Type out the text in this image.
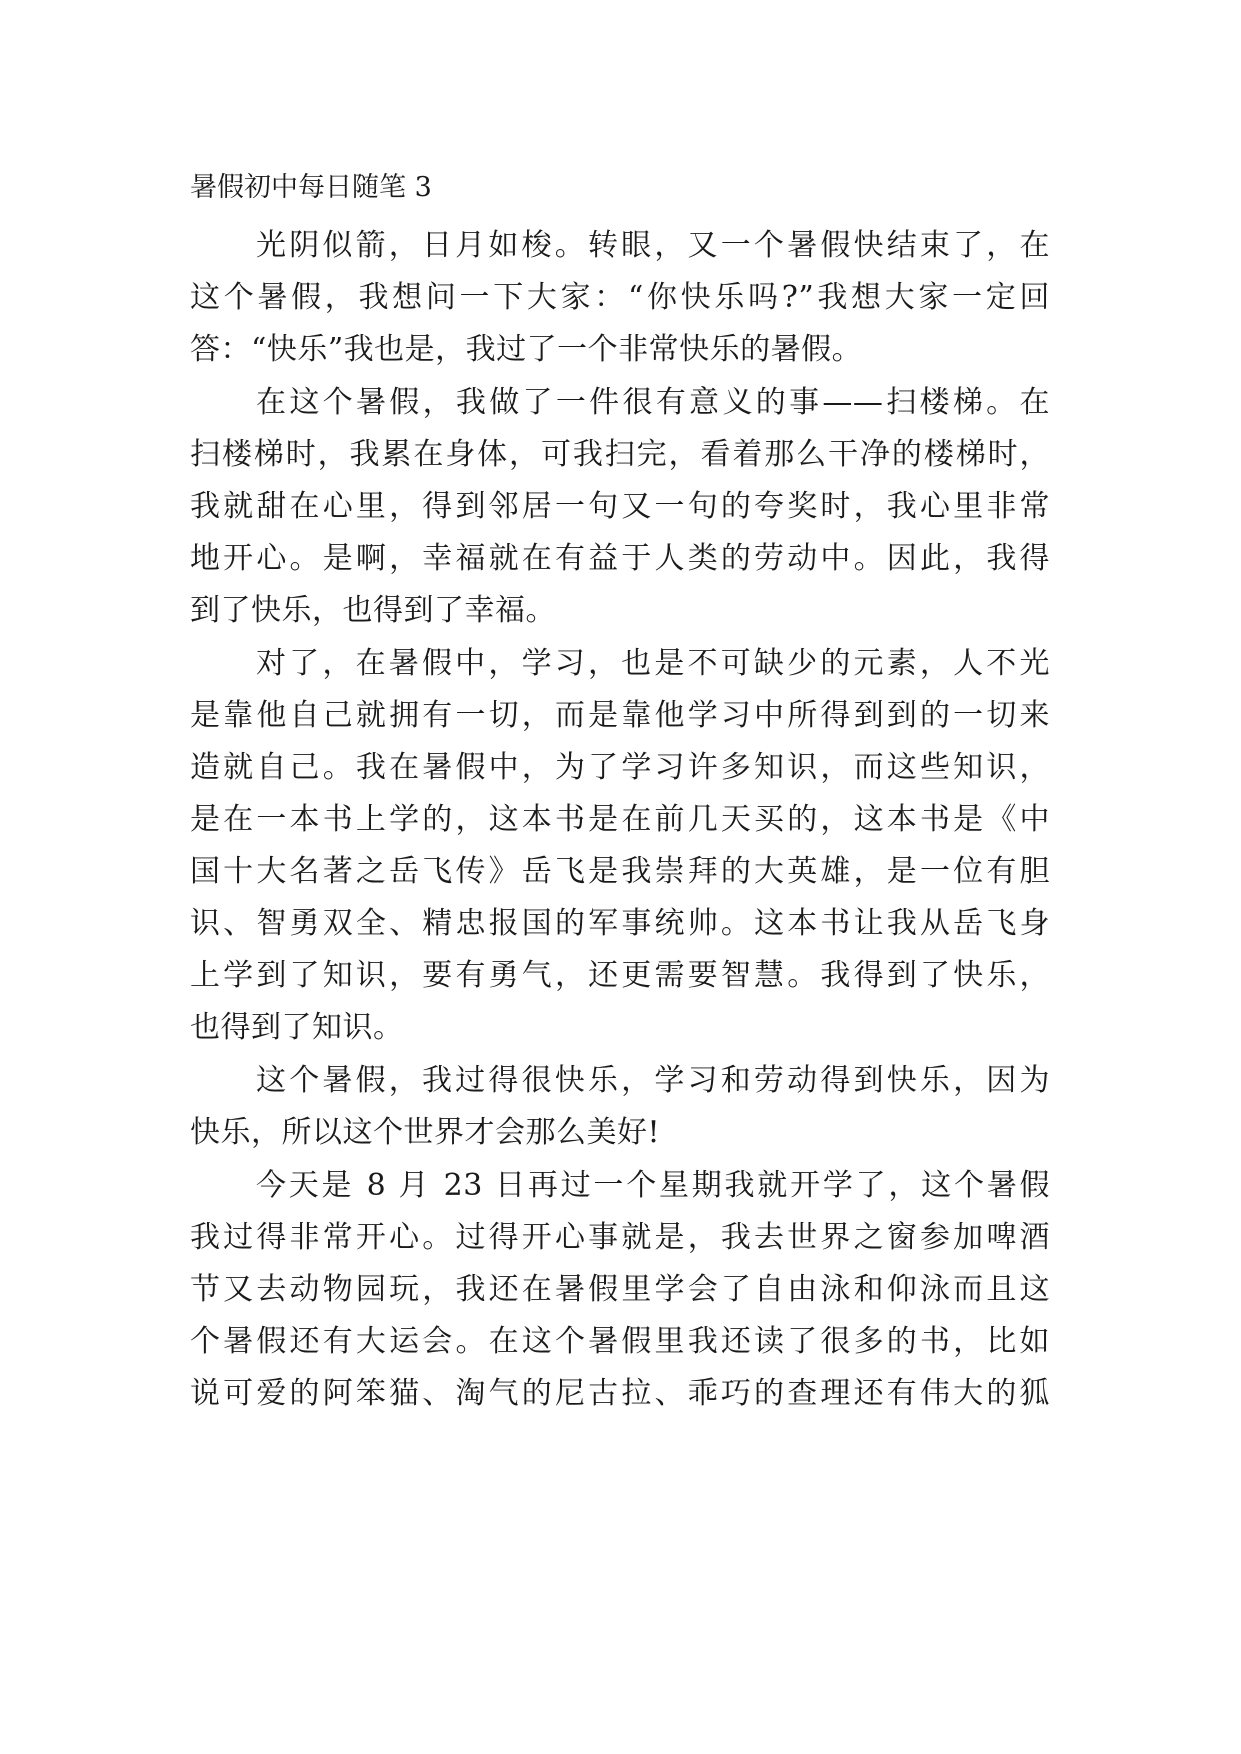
暑假初中每日随笔 3

光阴似箭，日月如梭。转眼，又一个暑假快结束了，在

这个暑假，我想问一下大家：“你快乐吗?”我想大家一定回

答：“快乐”我也是，我过了一个非常快乐的暑假。

在这个暑假，我做了一件很有意义的事——扫楼梯。在

扫楼梯时，我累在身体，可我扫完，看着那么干净的楼梯时，

我就甜在心里，得到邻居一句又一句的夸奖时，我心里非常

地开心。是啊，幸福就在有益于人类的劳动中。因此，我得

到了快乐，也得到了幸福。

对了，在暑假中，学习，也是不可缺少的元素，人不光

是靠他自己就拥有一切，而是靠他学习中所得到到的一切来

造就自己。我在暑假中，为了学习许多知识，而这些知识，

是在一本书上学的，这本书是在前几天买的，这本书是《中

国十大名著之岳飞传》岳飞是我崇拜的大英雄，是一位有胆

识、智勇双全、精忠报国的军事统帅。这本书让我从岳飞身

上学到了知识，要有勇气，还更需要智慧。我得到了快乐，

也得到了知识。

这个暑假，我过得很快乐，学习和劳动得到快乐，因为

快乐，所以这个世界才会那么美好!

今天是 8 月 23 日再过一个星期我就开学了，这个暑假

我过得非常开心。过得开心事就是，我去世界之窗参加啤酒

节又去动物园玩，我还在暑假里学会了自由泳和仰泳而且这

个暑假还有大运会。在这个暑假里我还读了很多的书，比如

说可爱的阿笨猫、淘气的尼古拉、乖巧的查理还有伟大的狐
